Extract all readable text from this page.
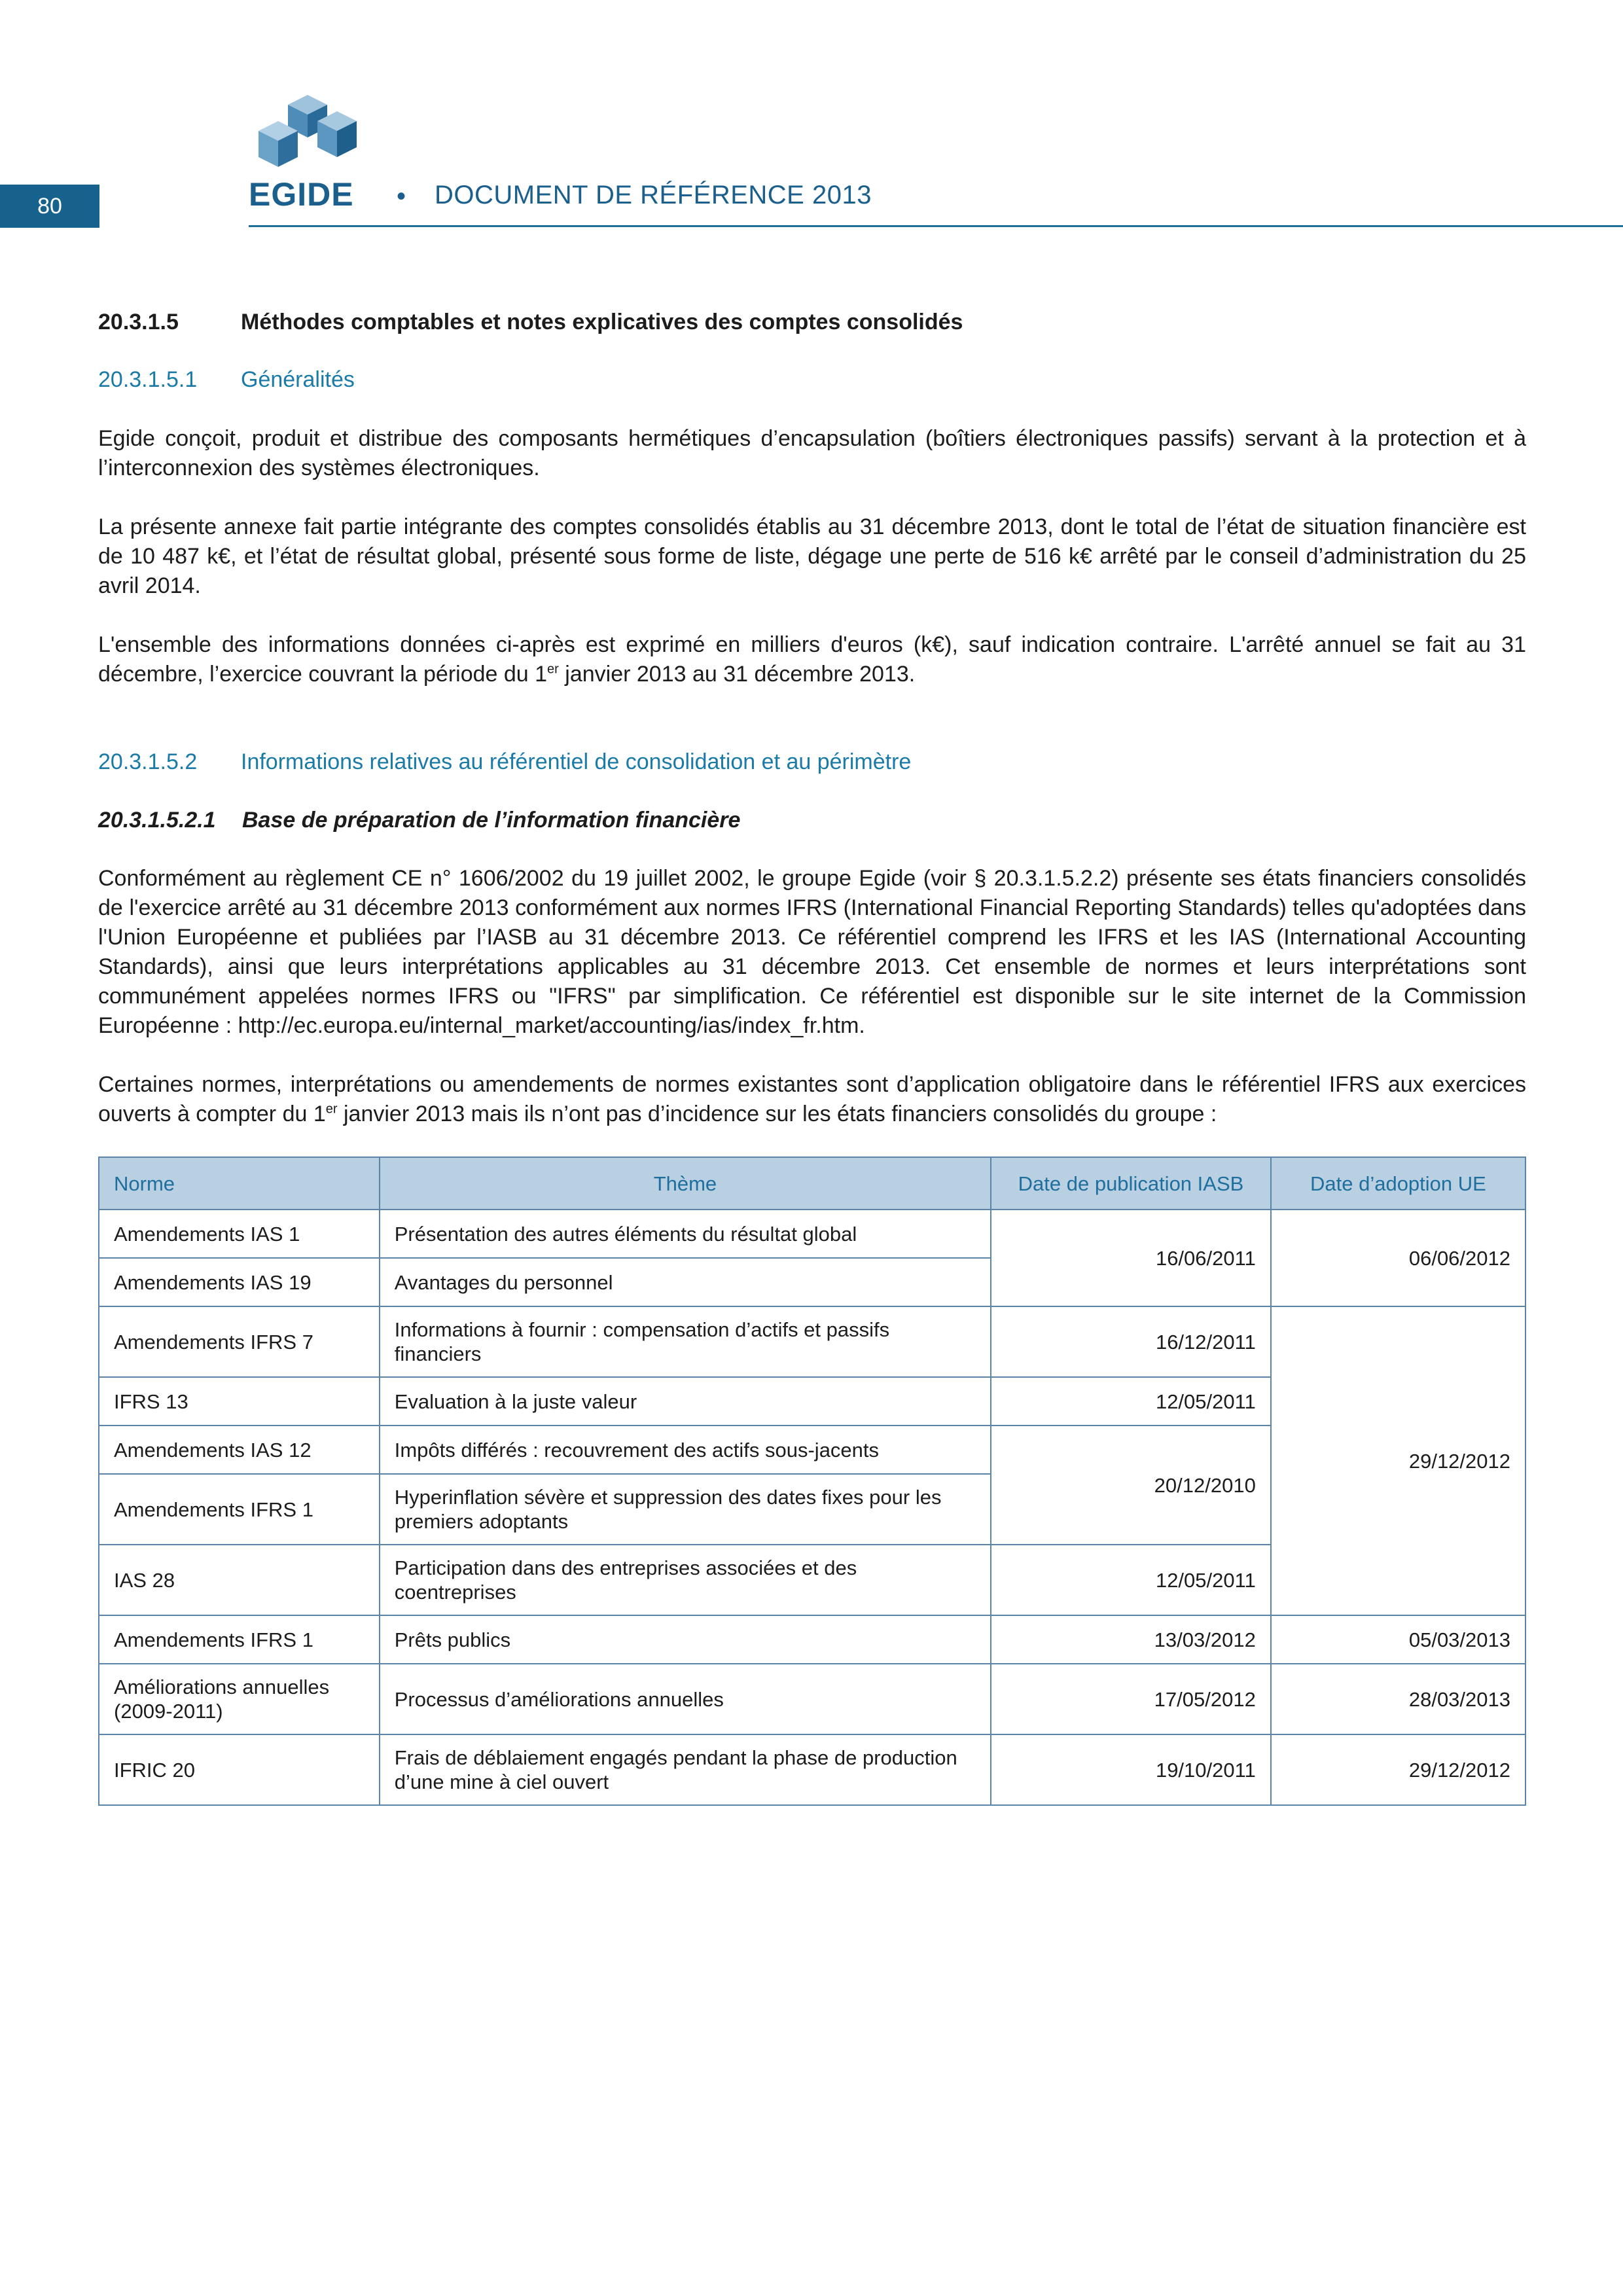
80	EGIDE • DOCUMENT DE RÉFÉRENCE 2013
20.3.1.5	Méthodes comptables et notes explicatives des comptes consolidés
20.3.1.5.1 Généralités

Egide conçoit, produit et distribue des composants hermétiques d’encapsulation (boîtiers électroniques passifs) servant à la protection et à l’interconnexion des systèmes électroniques.

La présente annexe fait partie intégrante des comptes consolidés établis au 31 décembre 2013, dont le total de l’état de situation financière est de 10 487 k€, et l’état de résultat global, présenté sous forme de liste, dégage une perte de 516 k€ arrêté par le conseil d’administration du 25 avril 2014.

L'ensemble des informations données ci-après est exprimé en milliers d'euros (k€), sauf indication contraire. L'arrêté annuel se fait au 31 décembre, l’exercice couvrant la période du 1er janvier 2013 au 31 décembre 2013.

20.3.1.5.2 Informations relatives au référentiel de consolidation et au périmètre
20.3.1.5.2.1 Base de préparation de l’information financière

Conformément au règlement CE n° 1606/2002 du 19 juillet 2002, le groupe Egide (voir § 20.3.1.5.2.2) présente ses états financiers consolidés de l'exercice arrêté au 31 décembre 2013 conformément aux normes IFRS (International Financial Reporting Standards) telles qu'adoptées dans l'Union Européenne et publiées par l’IASB au 31 décembre 2013. Ce référentiel comprend les IFRS et les IAS (International Accounting Standards), ainsi que leurs interprétations applicables au 31 décembre 2013. Cet ensemble de normes et leurs interprétations sont communément appelées normes IFRS ou "IFRS" par simplification. Ce référentiel est disponible sur le site internet de la Commission Européenne : http://ec.europa.eu/internal_market/accounting/ias/index_fr.htm.

Certaines normes, interprétations ou amendements de normes existantes sont d’application obligatoire dans le référentiel IFRS aux exercices ouverts à compter du 1er janvier 2013 mais ils n’ont pas d’incidence sur les états financiers consolidés du groupe :

Norme	Thème	Date de publication IASB	Date d’adoption UE
Amendements IAS 1	Présentation des autres éléments du résultat global	16/06/2011	06/06/2012
Amendements IAS 19	Avantages du personnel		
Amendements IFRS 7	Informations à fournir : compensation d’actifs et passifs financiers	16/12/2011	29/12/2012
IFRS 13	Evaluation à la juste valeur	12/05/2011	
Amendements IAS 12	Impôts différés : recouvrement des actifs sous-jacents	20/12/2010	
Amendements IFRS 1	Hyperinflation sévère et suppression des dates fixes pour les premiers adoptants		
IAS 28	Participation dans des entreprises associées et des coentreprises	12/05/2011	
Amendements IFRS 1	Prêts publics	13/03/2012	05/03/2013
Améliorations annuelles (2009-2011)	Processus d’améliorations annuelles	17/05/2012	28/03/2013
IFRIC 20	Frais de déblaiement engagés pendant la phase de production d’une mine à ciel ouvert	19/10/2011	29/12/2012
